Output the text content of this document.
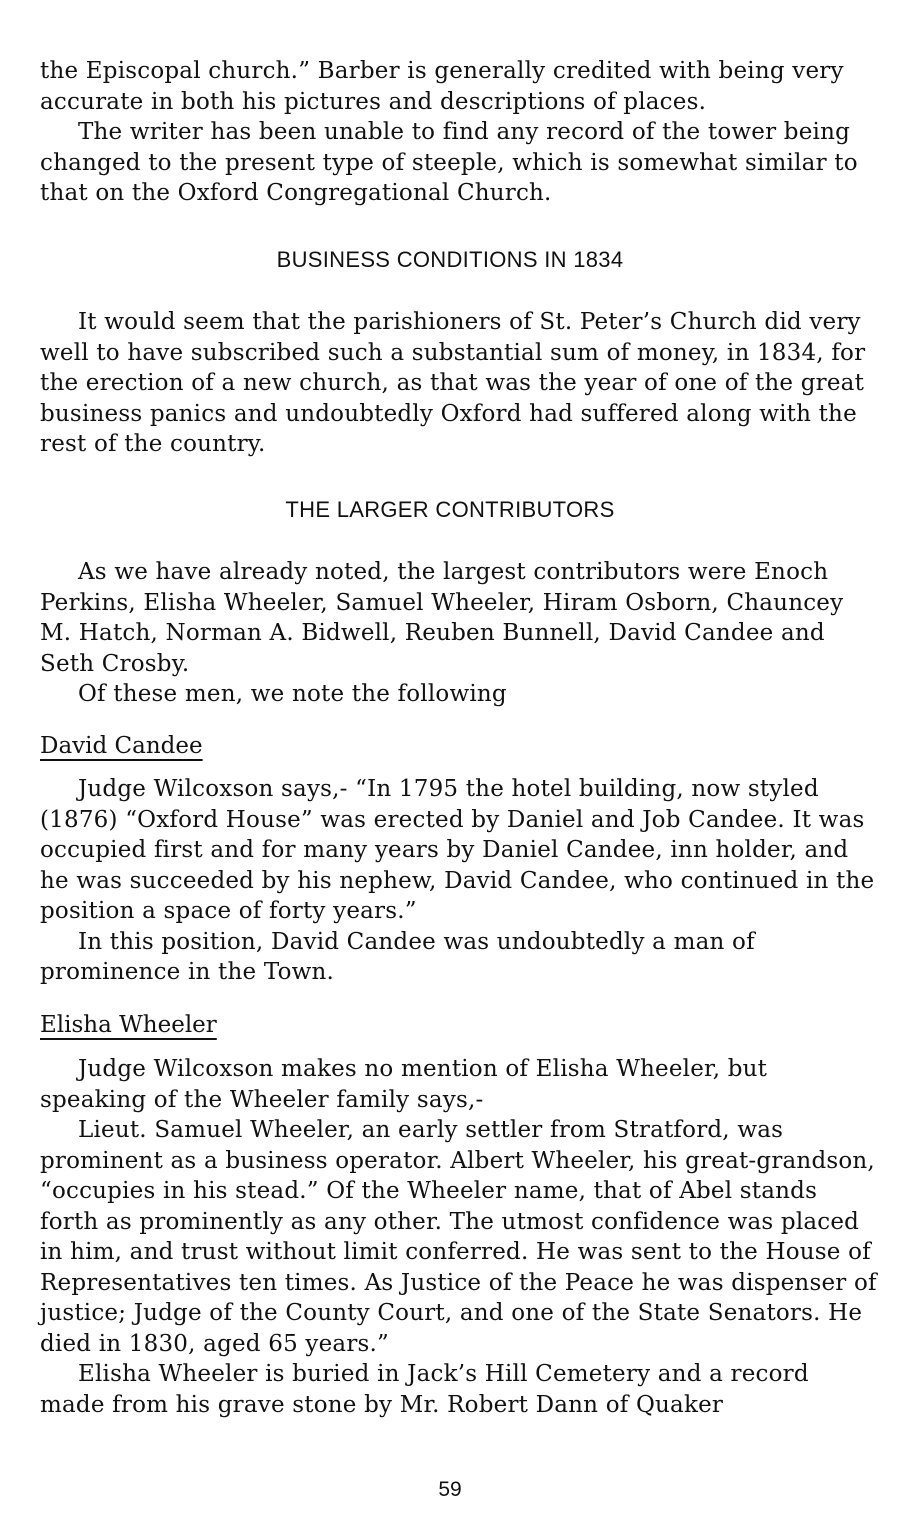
the Episcopal church.” Barber is generally credited with being very accurate in both his pictures and descriptions of places.

The writer has been unable to find any record of the tower being changed to the present type of steeple, which is somewhat similar to that on the Oxford Congregational Church.

BUSINESS CONDITIONS IN 1834

It would seem that the parishioners of St. Peter’s Church did very well to have subscribed such a substantial sum of money, in 1834, for the erection of a new church, as that was the year of one of the great business panics and undoubtedly Oxford had suffered along with the rest of the country.

THE LARGER CONTRIBUTORS

As we have already noted, the largest contributors were Enoch Perkins, Elisha Wheeler, Samuel Wheeler, Hiram Osborn, Chauncey M. Hatch, Norman A. Bidwell, Reuben Bunnell, David Candee and Seth Crosby.

Of these men, we note the following

David Candee

Judge Wilcoxson says,- “In 1795 the hotel building, now styled (1876) “Oxford House” was erected by Daniel and Job Candee. It was occupied first and for many years by Daniel Candee, inn holder, and he was succeeded by his nephew, David Candee, who continued in the position a space of forty years.”

In this position, David Candee was undoubtedly a man of prominence in the Town.

Elisha Wheeler

Judge Wilcoxson makes no mention of Elisha Wheeler, but speaking of the Wheeler family says,-

Lieut. Samuel Wheeler, an early settler from Stratford, was prominent as a business operator. Albert Wheeler, his great-grandson, “occupies in his stead.” Of the Wheeler name, that of Abel stands forth as prominently as any other. The utmost confidence was placed in him, and trust without limit conferred. He was sent to the House of Representatives ten times. As Justice of the Peace he was dispenser of justice; Judge of the County Court, and one of the State Senators. He died in 1830, aged 65 years.”

Elisha Wheeler is buried in Jack’s Hill Cemetery and a record made from his grave stone by Mr. Robert Dann of Quaker

59
